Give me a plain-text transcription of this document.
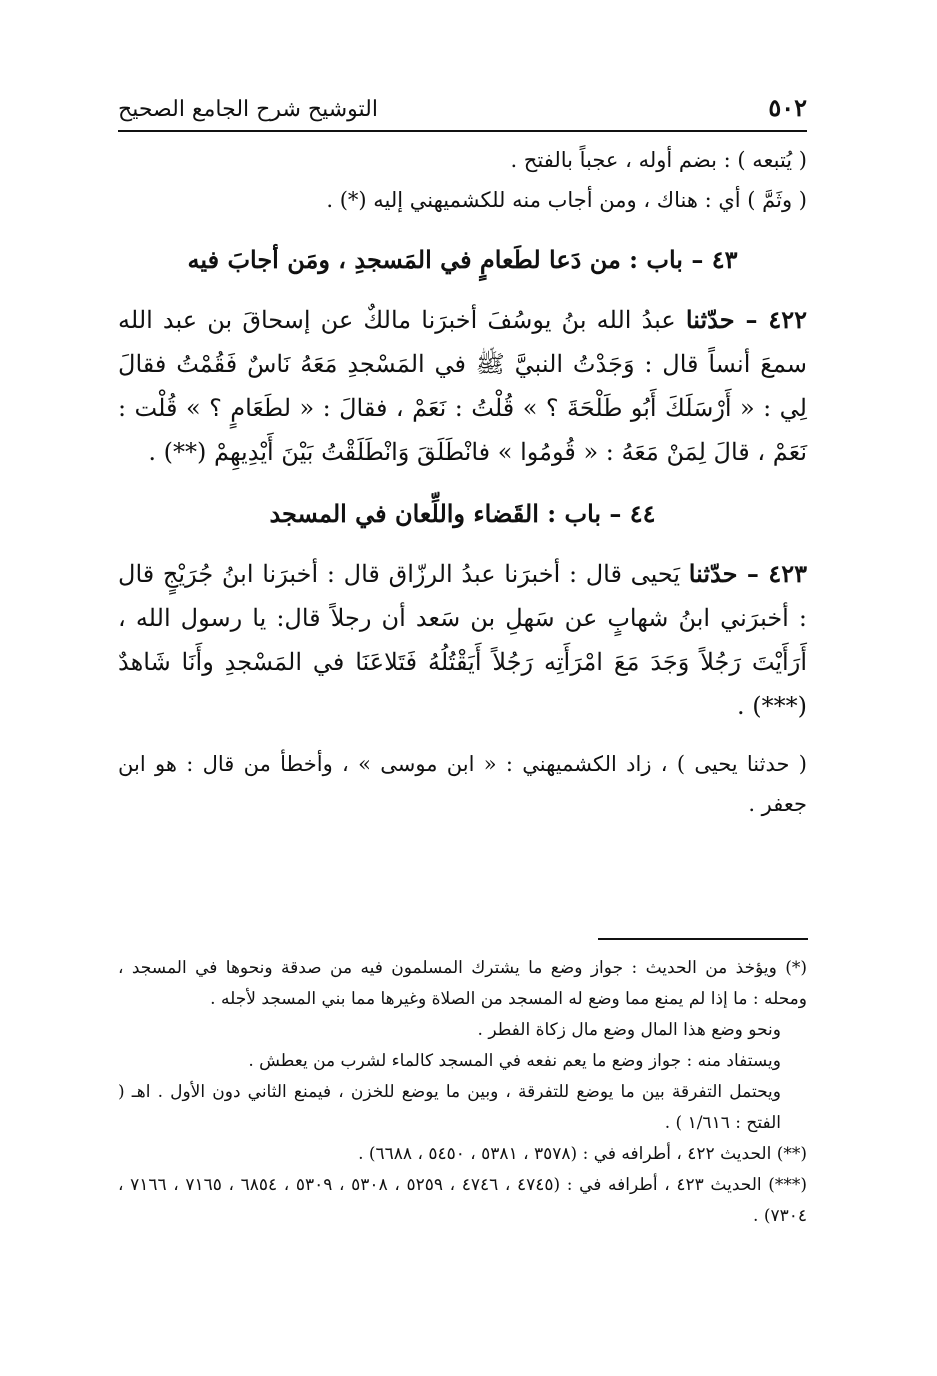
٥٠٢
التوشيح شرح الجامع الصحيح

( يُتبعه ) : بضم أوله ، عجباً بالفتح .

( وثَمَّ ) أي : هناك ، ومن أجاب منه للكشميهني إليه (*) .

٤٣ – باب : من دَعا لطَعامٍ في المَسجدِ ، ومَن أجابَ فيه

٤٢٢ – حدّثنا عبدُ الله بنُ يوسُفَ أخبرَنا مالكٌ عن إسحاقَ بن عبد الله سمعَ أنساً قال : وَجَدْتُ النبيَّ ﷺ في المَسْجدِ مَعَهُ نَاسٌ فَقُمْتُ فقالَ لِي : « أَرْسَلَكَ أَبُو طَلْحَةَ ؟ » قُلْتُ : نَعَمْ ، فقالَ : « لطَعَامٍ ؟ » قُلْت : نَعَمْ ، قالَ لِمَنْ مَعَهُ : « قُومُوا » فانْطَلَقَ وَانْطَلَقْتُ بَيْنَ أَيْدِيهِمْ (**) .

٤٤ – باب : القَضاء واللِّعان في المسجد

٤٢٣ – حدّثنا يَحيى قال : أخبرَنا عبدُ الرزّاق قال : أخبرَنا ابنُ جُرَيْجٍ قال : أخبرَني ابنُ شهابٍ عن سَهلِ بن سَعد أن رجلاً قال: يا رسول الله ، أَرَأَيْتَ رَجُلاً وَجَدَ مَعَ امْرَأَتِه رَجُلاً أَيَقْتُلُهُ فَتَلاعَنَا في المَسْجدِ وأَنَا شَاهدٌ (***) .

( حدثنا يحيى ) ، زاد الكشميهني : « ابن موسى » ، وأخطأ من قال : هو ابن جعفر .

(*) ويؤخذ من الحديث : جواز وضع ما يشترك المسلمون فيه من صدقة ونحوها في المسجد ، ومحله : ما إذا لم يمنع مما وضع له المسجد من الصلاة وغيرها مما بني المسجد لأجله .

ونحو وضع هذا المال وضع مال زكاة الفطر .

ويستفاد منه : جواز وضع ما يعم نفعه في المسجد كالماء لشرب من يعطش .

ويحتمل التفرقة بين ما يوضع للتفرقة ، وبين ما يوضع للخزن ، فيمنع الثاني دون الأول . اهـ ( الفتح : ١/٦١٦ ) .

(**) الحديث ٤٢٢ ، أطرافه في : (٣٥٧٨ ، ٥٣٨١ ، ٥٤٥٠ ، ٦٦٨٨) .

(***) الحديث ٤٢٣ ، أطرافه في : (٤٧٤٥ ، ٤٧٤٦ ، ٥٢٥٩ ، ٥٣٠٨ ، ٥٣٠٩ ، ٦٨٥٤ ، ٧١٦٥ ، ٧١٦٦ ، ٧٣٠٤) .
